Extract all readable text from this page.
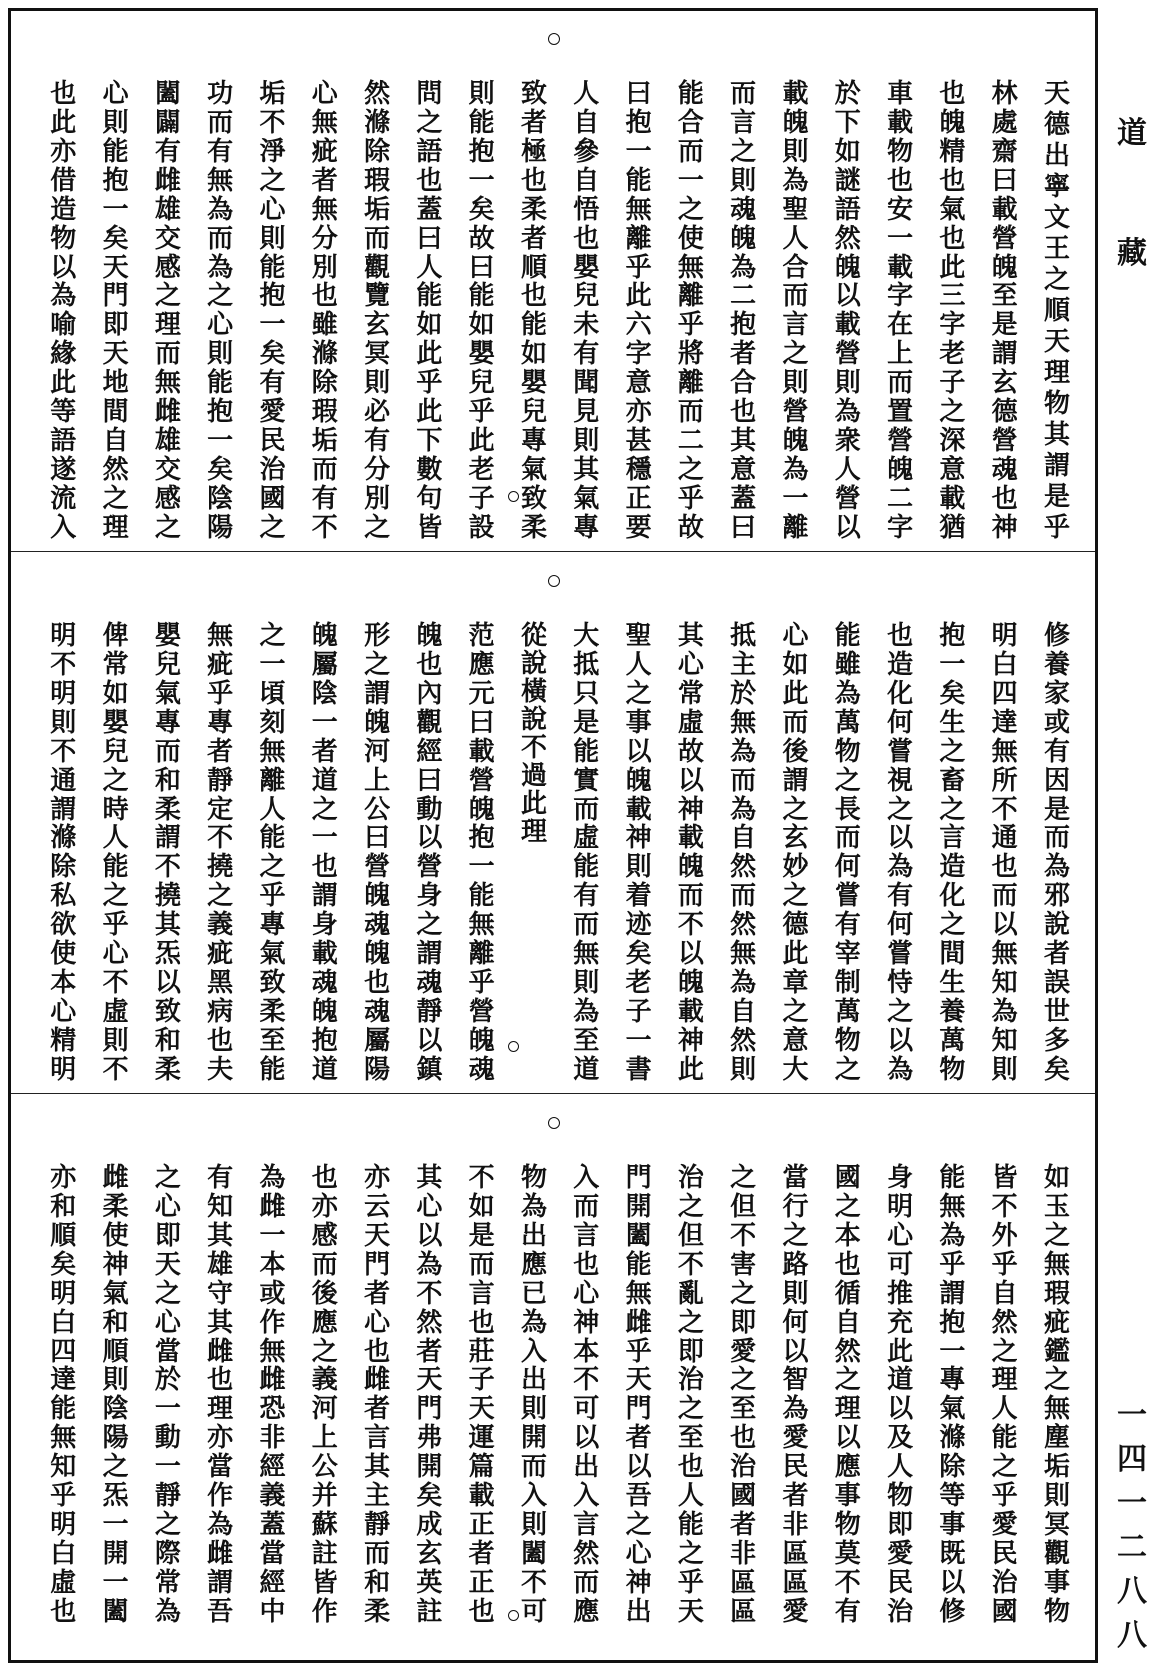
天
德
出
寧
文
王
之
順
天
理
物
其
謂
是
乎
林
處
齋
曰
載
營
魄
至
是
謂
玄
德
營
魂
也
神
也
魄
精
也
氣
也
此
三
字
老
子
之
深
意
載
猶
車
載
物
也
安
一
載
字
在
上
而
置
營
魄
二
字
於
下
如
謎
語
然
魄
以
載
營
則
為
衆
人
營
以
載
魄
則
為
聖
人
合
而
言
之
則
營
魄
為
一
離
而
言
之
則
魂
魄
為
二
抱
者
合
也
其
意
蓋
曰
能
合
而
一
之
使
無
離
乎
將
離
而
二
之
乎
故
曰
抱
一
能
無
離
乎
此
六
字
意
亦
甚
穩
正
要
人
自
參
自
悟
也
嬰
兒
未
有
聞
見
則
其
氣
專
致
者
極
也
柔
者
順
也
能
如
嬰
兒
專
氣
致
柔
則
能
抱
一
矣
故
曰
能
如
嬰
兒
乎
此
老
子
設
問
之
語
也
蓋
曰
人
能
如
此
乎
此
下
數
句
皆
然
滌
除
瑕
垢
而
觀
覽
玄
冥
則
必
有
分
別
之
心
無
疵
者
無
分
別
也
雖
滌
除
瑕
垢
而
有
不
垢
不
淨
之
心
則
能
抱
一
矣
有
愛
民
治
國
之
功
而
有
無
為
而
為
之
心
則
能
抱
一
矣
陰
陽
闔
闢
有
雌
雄
交
感
之
理
而
無
雌
雄
交
感
之
心
則
能
抱
一
矣
天
門
即
天
地
間
自
然
之
理
也
此
亦
借
造
物
以
為
喻
緣
此
等
語
遂
流
入
修
養
家
或
有
因
是
而
為
邪
說
者
誤
世
多
矣
明
白
四
達
無
所
不
通
也
而
以
無
知
為
知
則
抱
一
矣
生
之
畜
之
言
造
化
之
間
生
養
萬
物
也
造
化
何
嘗
視
之
以
為
有
何
嘗
恃
之
以
為
能
雖
為
萬
物
之
長
而
何
嘗
有
宰
制
萬
物
之
心
如
此
而
後
謂
之
玄
妙
之
德
此
章
之
意
大
抵
主
於
無
為
而
為
自
然
而
然
無
為
自
然
則
其
心
常
虛
故
以
神
載
魄
而
不
以
魄
載
神
此
聖
人
之
事
以
魄
載
神
則
着
迹
矣
老
子
一
書
大
抵
只
是
能
實
而
虛
能
有
而
無
則
為
至
道
從
說
橫
說
不
過
此
理
范
應
元
曰
載
營
魄
抱
一
能
無
離
乎
營
魄
魂
魄
也
內
觀
經
曰
動
以
營
身
之
謂
魂
靜
以
鎮
形
之
謂
魄
河
上
公
曰
營
魄
魂
魄
也
魂
屬
陽
魄
屬
陰
一
者
道
之
一
也
謂
身
載
魂
魄
抱
道
之
一
頃
刻
無
離
人
能
之
乎
專
氣
致
柔
至
能
無
疵
乎
專
者
靜
定
不
撓
之
義
疵
黑
病
也
夫
嬰
兒
氣
專
而
和
柔
謂
不
撓
其
炁
以
致
和
柔
俾
常
如
嬰
兒
之
時
人
能
之
乎
心
不
虛
則
不
明
不
明
則
不
通
謂
滌
除
私
欲
使
本
心
精
明
如
玉
之
無
瑕
疵
鑑
之
無
塵
垢
則
冥
觀
事
物
皆
不
外
乎
自
然
之
理
人
能
之
乎
愛
民
治
國
能
無
為
乎
謂
抱
一
專
氣
滌
除
等
事
既
以
修
身
明
心
可
推
充
此
道
以
及
人
物
即
愛
民
治
國
之
本
也
循
自
然
之
理
以
應
事
物
莫
不
有
當
行
之
路
則
何
以
智
為
愛
民
者
非
區
區
愛
之
但
不
害
之
即
愛
之
至
也
治
國
者
非
區
區
治
之
但
不
亂
之
即
治
之
至
也
人
能
之
乎
天
門
開
闔
能
無
雌
乎
天
門
者
以
吾
之
心
神
出
入
而
言
也
心
神
本
不
可
以
出
入
言
然
而
應
物
為
出
應
已
為
入
出
則
開
而
入
則
闔
不
可
不
如
是
而
言
也
莊
子
天
運
篇
載
正
者
正
也
其
心
以
為
不
然
者
天
門
弗
開
矣
成
玄
英
註
亦
云
天
門
者
心
也
雌
者
言
其
主
靜
而
和
柔
也
亦
感
而
後
應
之
義
河
上
公
并
蘇
註
皆
作
為
雌
一
本
或
作
無
雌
恐
非
經
義
蓋
當
經
中
有
知
其
雄
守
其
雌
也
理
亦
當
作
為
雌
謂
吾
之
心
即
天
之
心
當
於
一
動
一
靜
之
際
常
為
雌
柔
使
神
氣
和
順
則
陰
陽
之
炁
一
開
一
闔
亦
和
順
矣
明
白
四
達
能
無
知
乎
明
白
虛
也
道
藏
一
四
一
二
八
八
